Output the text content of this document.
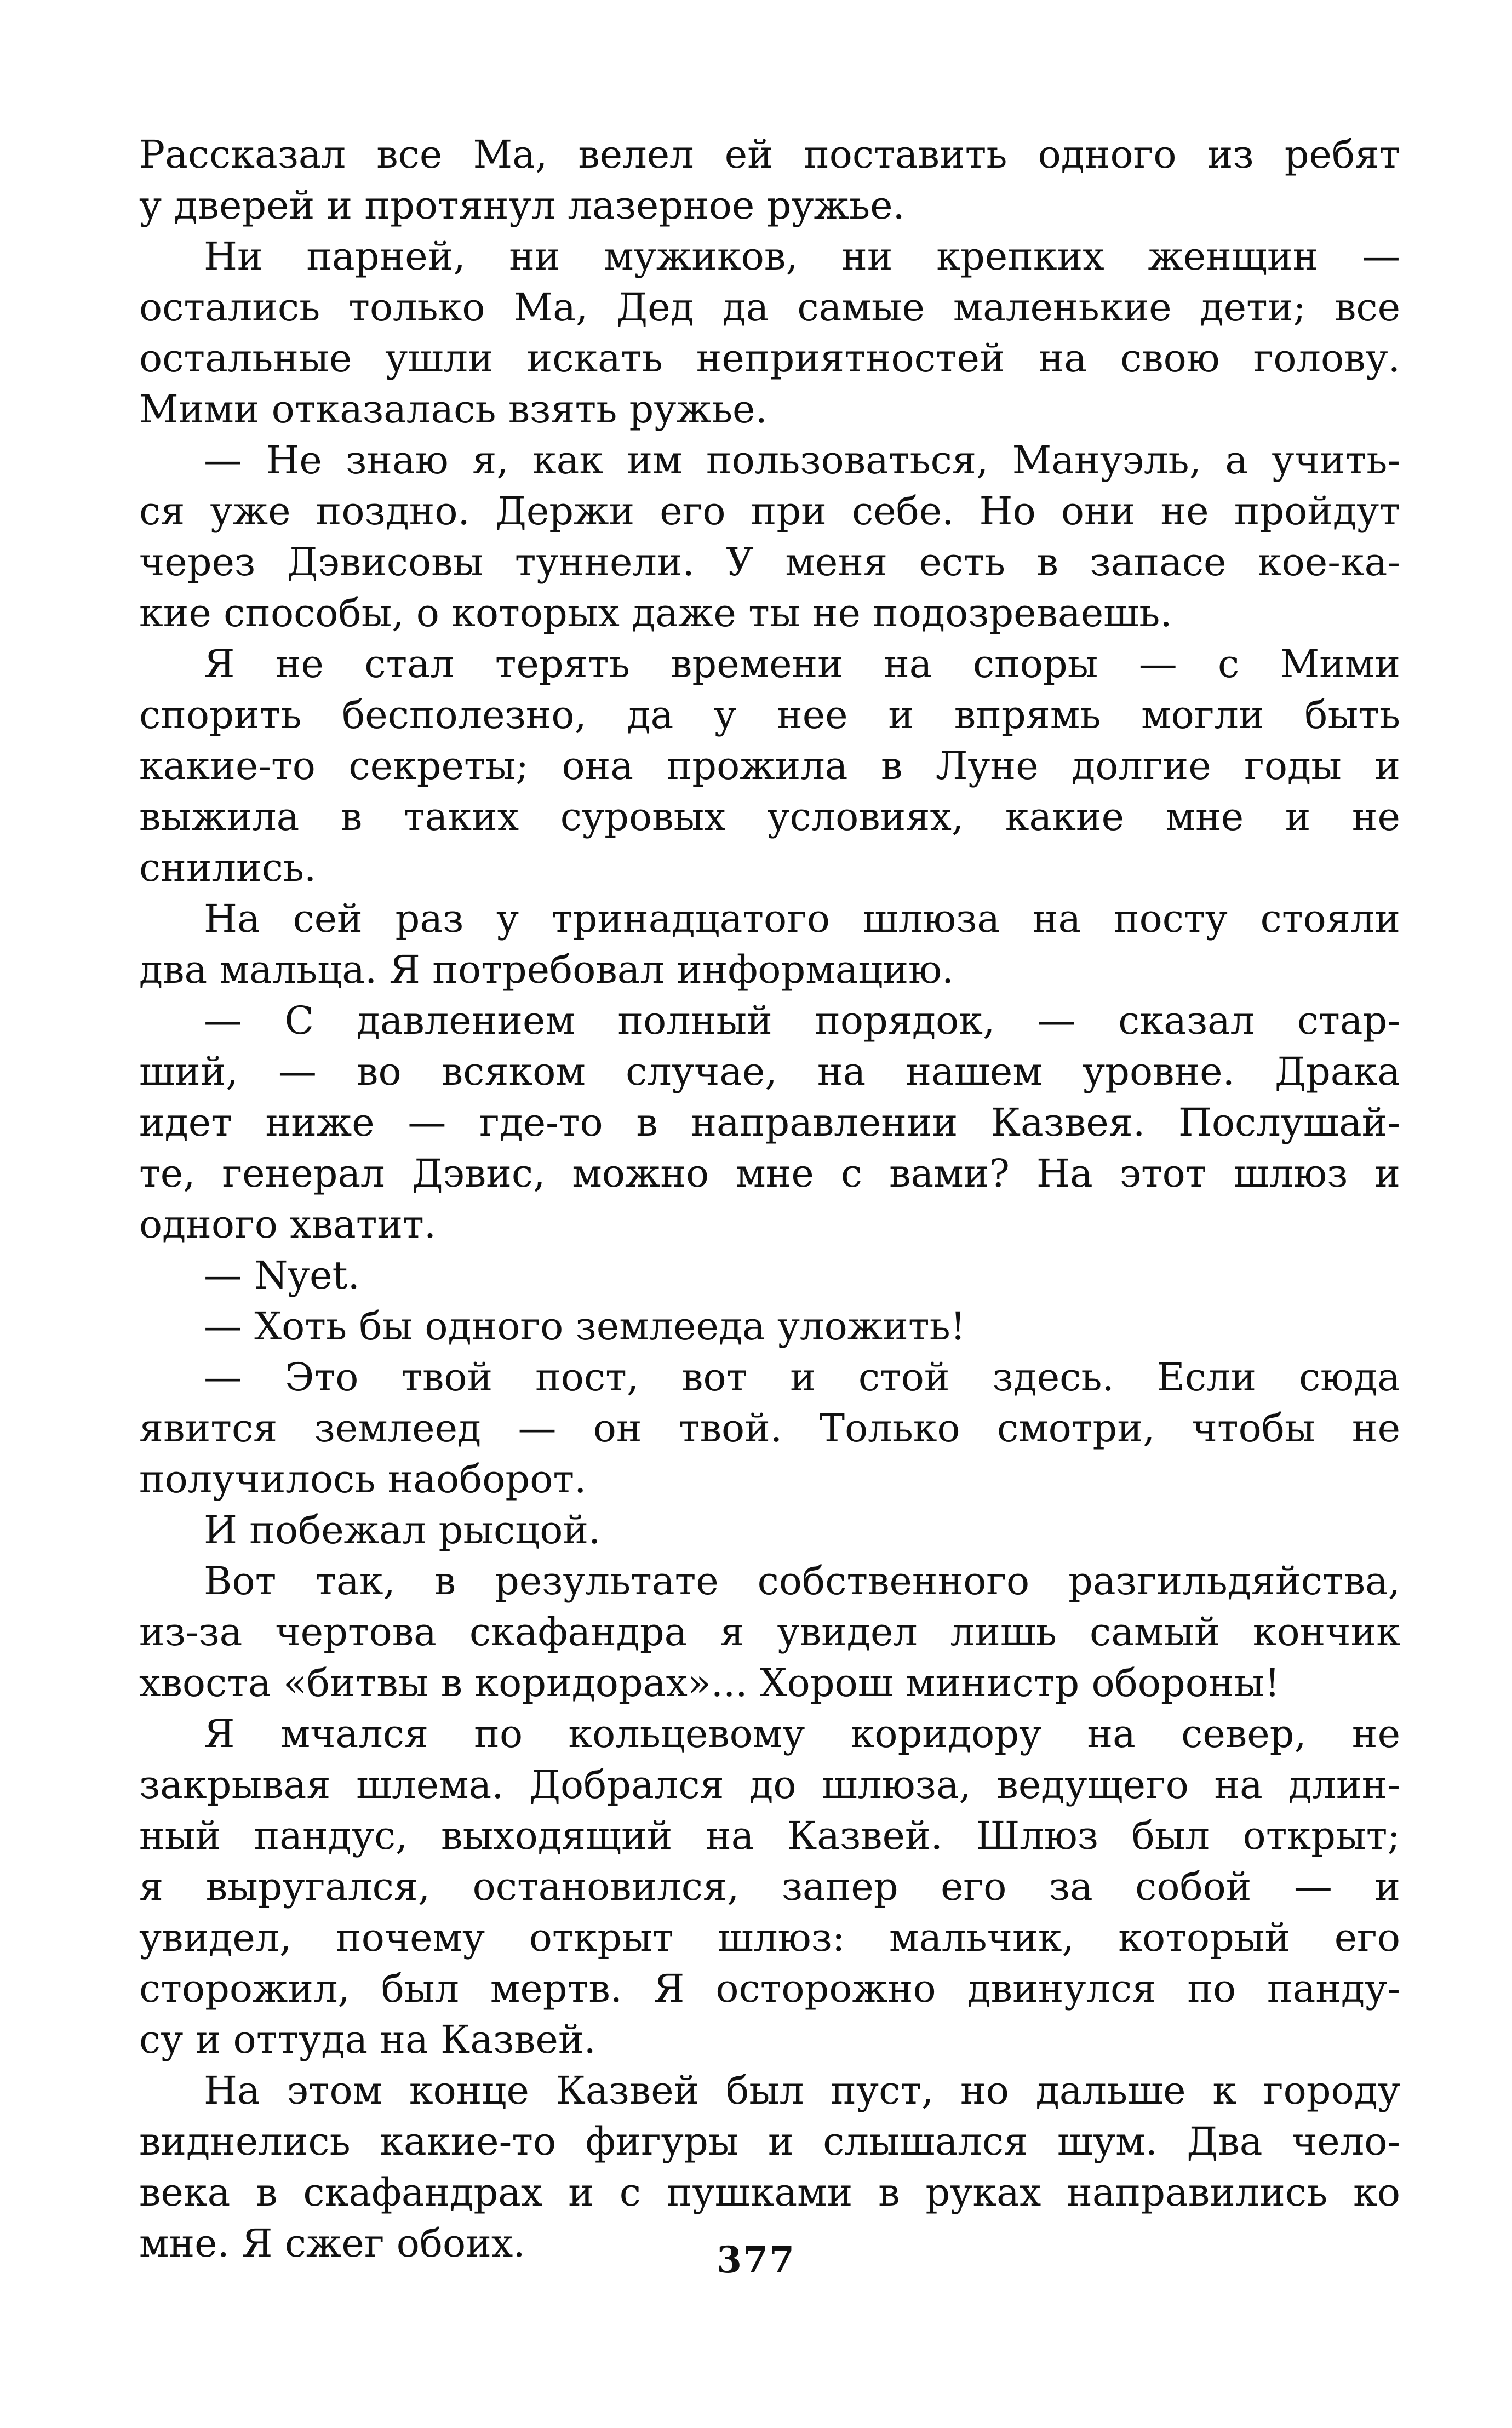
Рассказал все Ма, велел ей поставить одного из ребят
у дверей и протянул лазерное ружье.
Ни парней, ни мужиков, ни крепких женщин —
остались только Ма, Дед да самые маленькие дети; все
остальные ушли искать неприятностей на свою голову.
Мими отказалась взять ружье.
— Не знаю я, как им пользоваться, Мануэль, а учить-
ся уже поздно. Держи его при себе. Но они не пройдут
через Дэвисовы туннели. У меня есть в запасе кое-ка-
кие способы, о которых даже ты не подозреваешь.
Я не стал терять времени на споры — с Мими
спорить бесполезно, да у нее и впрямь могли быть
какие-то секреты; она прожила в Луне долгие годы и
выжила в таких суровых условиях, какие мне и не
снились.
На сей раз у тринадцатого шлюза на посту стояли
два мальца. Я потребовал информацию.
— С давлением полный порядок, — сказал стар-
ший, — во всяком случае, на нашем уровне. Драка
идет ниже — где-то в направлении Казвея. Послушай-
те, генерал Дэвис, можно мне с вами? На этот шлюз и
одного хватит.
— Nyet.
— Хоть бы одного землееда уложить!
— Это твой пост, вот и стой здесь. Если сюда
явится землеед — он твой. Только смотри, чтобы не
получилось наоборот.
И побежал рысцой.
Вот так, в результате собственного разгильдяйства,
из-за чертова скафандра я увидел лишь самый кончик
хвоста «битвы в коридорах»... Хорош министр обороны!
Я мчался по кольцевому коридору на север, не
закрывая шлема. Добрался до шлюза, ведущего на длин-
ный пандус, выходящий на Казвей. Шлюз был открыт;
я выругался, остановился, запер его за собой — и
увидел, почему открыт шлюз: мальчик, который его
сторожил, был мертв. Я осторожно двинулся по панду-
су и оттуда на Казвей.
На этом конце Казвей был пуст, но дальше к городу
виднелись какие-то фигуры и слышался шум. Два чело-
века в скафандрах и с пушками в руках направились ко
мне. Я сжег обоих.	377
